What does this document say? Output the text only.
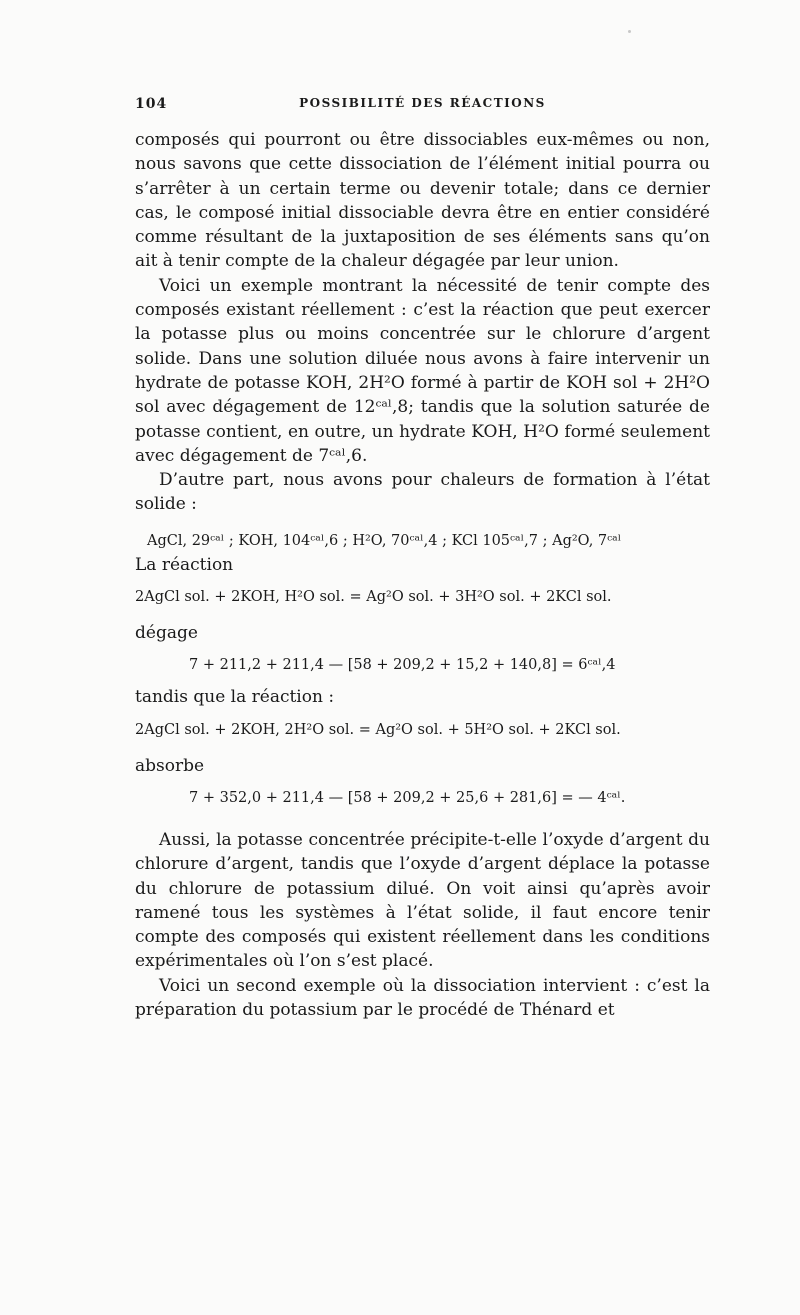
104	POSSIBILITÉ DES RÉACTIONS

composés qui pourront ou être dissociables eux-mêmes ou non, nous savons que cette dissociation de l’élément initial pourra ou s’arrêter à un certain terme ou devenir totale; dans ce dernier cas, le composé initial dissociable devra être en entier considéré comme résultant de la juxtaposition de ses éléments sans qu’on ait à tenir compte de la chaleur dégagée par leur union.

Voici un exemple montrant la nécessité de tenir compte des composés existant réellement : c’est la réaction que peut exercer la potasse plus ou moins concentrée sur le chlorure d’argent solide. Dans une solution diluée nous avons à faire intervenir un hydrate de potasse KOH, 2H²O formé à partir de KOH sol + 2H²O sol avec dégagement de 12ᶜᵃˡ,8; tandis que la solution saturée de potasse contient, en outre, un hydrate KOH, H²O formé seulement avec dégagement de 7ᶜᵃˡ,6.

D’autre part, nous avons pour chaleurs de formation à l’état solide :

AgCl, 29ᶜᵃˡ ; KOH, 104ᶜᵃˡ,6 ; H²O, 70ᶜᵃˡ,4 ; KCl 105ᶜᵃˡ,7 ; Ag²O, 7ᶜᵃˡ

La réaction

2AgCl sol. + 2KOH, H²O sol. = Ag²O sol. + 3H²O sol. + 2KCl sol.

dégage

7 + 211,2 + 211,4 — [58 + 209,2 + 15,2 + 140,8] = 6ᶜᵃˡ,4

tandis que la réaction :

2AgCl sol. + 2KOH, 2H²O sol. = Ag²O sol. + 5H²O sol. + 2KCl sol.

absorbe

7 + 352,0 + 211,4 — [58 + 209,2 + 25,6 + 281,6] = — 4ᶜᵃˡ.

Aussi, la potasse concentrée précipite-t-elle l’oxyde d’argent du chlorure d’argent, tandis que l’oxyde d’argent déplace la potasse du chlorure de potassium dilué. On voit ainsi qu’après avoir ramené tous les systèmes à l’état solide, il faut encore tenir compte des composés qui existent réellement dans les conditions expérimentales où l’on s’est placé.

Voici un second exemple où la dissociation intervient : c’est la préparation du potassium par le procédé de Thénard et
